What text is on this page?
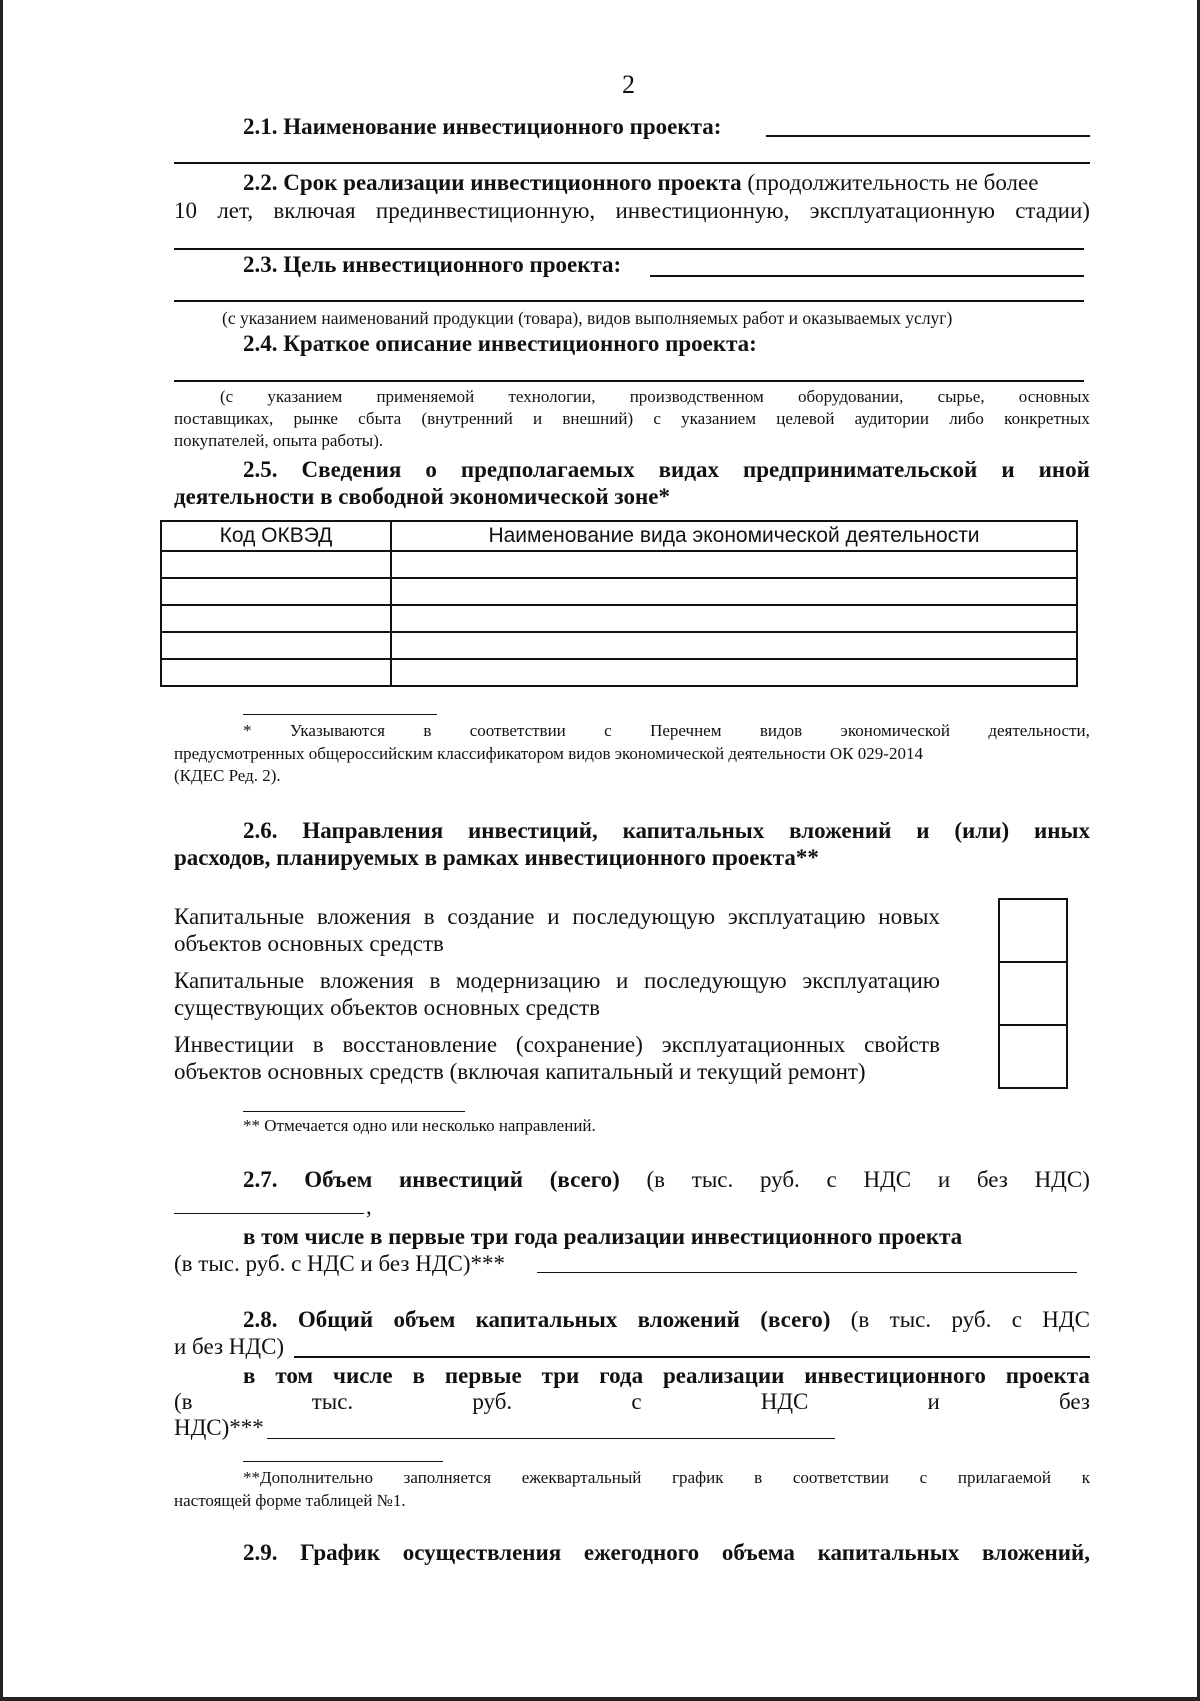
2
2.1. Наименование инвестиционного проекта:
2.2. Срок реализации инвестиционного проекта (продолжительность не более
10 лет, включая прединвестиционную, инвестиционную, эксплуатационную стадии)
2.3. Цель инвестиционного проекта:
(с указанием наименований продукции (товара), видов выполняемых работ и оказываемых услуг)
2.4. Краткое описание инвестиционного проекта:
(с указанием применяемой технологии, производственном оборудовании, сырье, основных
поставщиках, рынке сбыта (внутренний и внешний) с указанием целевой аудитории либо конкретных
покупателей, опыта работы).
2.5. Сведения о предполагаемых видах предпринимательской и иной
деятельности в свободной экономической зоне*
Код ОКВЭД	Наименование вида экономической деятельности

* Указываются в соответствии с Перечнем видов экономической деятельности,
предусмотренных общероссийским классификатором видов экономической деятельности ОК 029-2014
(КДЕС Ред. 2).
2.6. Направления инвестиций, капитальных вложений и (или) иных
расходов, планируемых в рамках инвестиционного проекта**
Капитальные вложения в создание и последующую эксплуатацию новых
объектов основных средств
Капитальные вложения в модернизацию и последующую эксплуатацию
существующих объектов основных средств
Инвестиции в восстановление (сохранение) эксплуатационных свойств
объектов основных средств (включая капитальный и текущий ремонт)
** Отмечается одно или несколько направлений.
2.7. Объем инвестиций (всего) (в тыс. руб. с НДС и без НДС)
,
в том числе в первые три года реализации инвестиционного проекта
(в тыс. руб. с НДС и без НДС)***
2.8. Общий объем капитальных вложений (всего) (в тыс. руб. с НДС
и без НДС)
в том числе в первые три года реализации инвестиционного проекта
(в	тыс.	руб.	с	НДС	и	без
НДС)***
**Дополнительно заполняется ежеквартальный график в соответствии с прилагаемой к
настоящей форме таблицей №1.
2.9. График осуществления ежегодного объема капитальных вложений,
